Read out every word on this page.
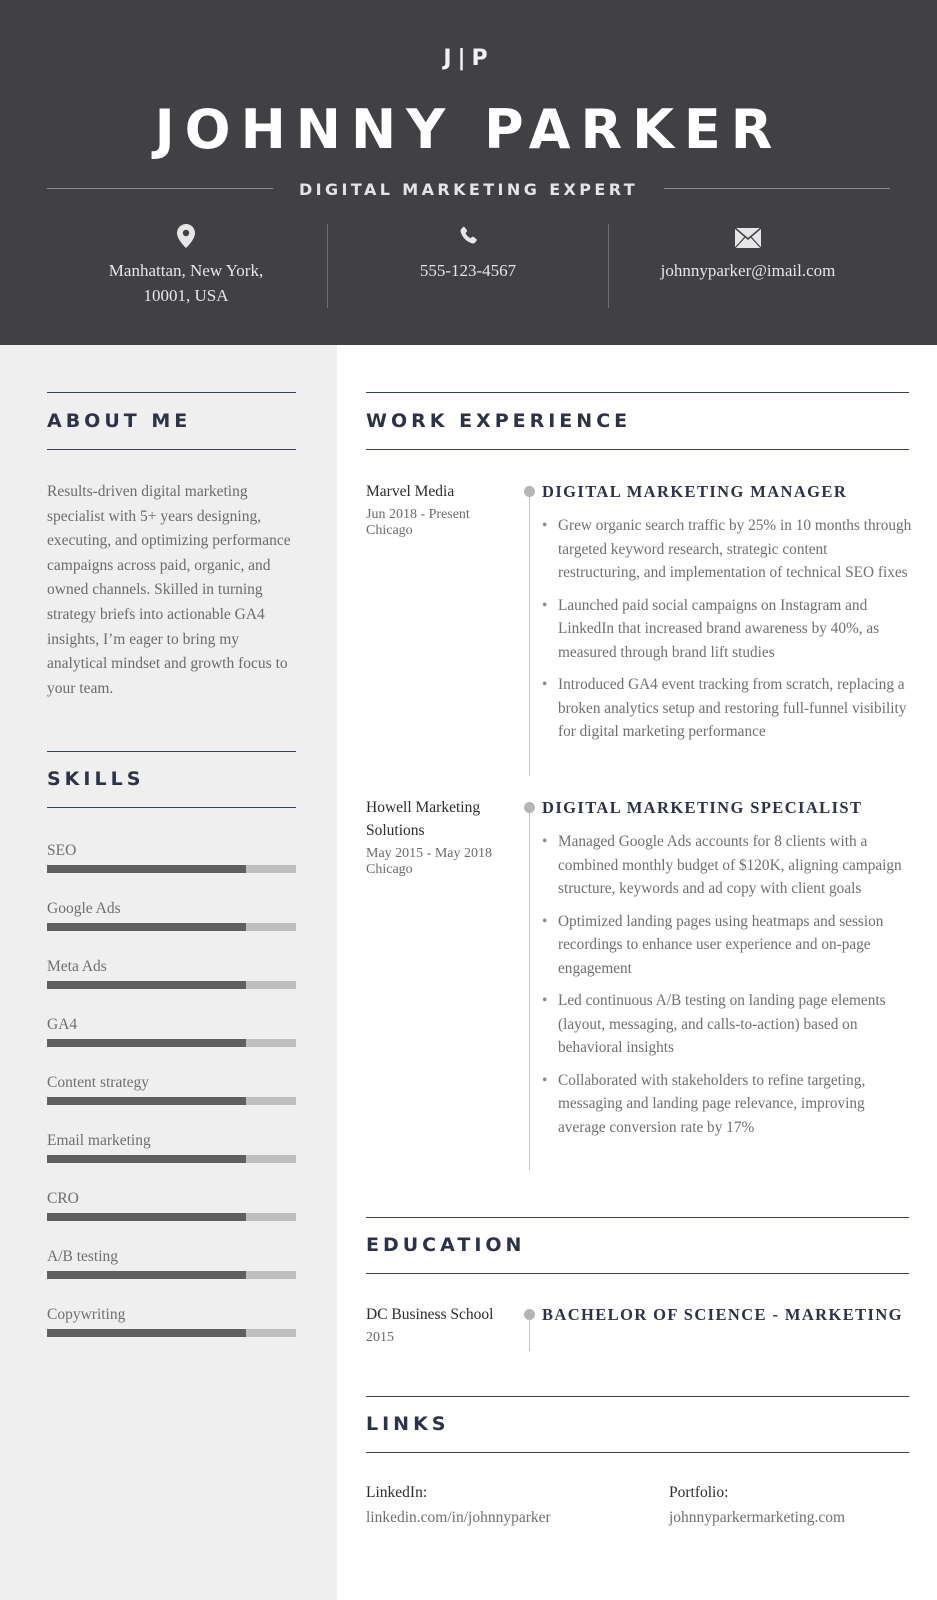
J|P
JOHNNY PARKER
DIGITAL MARKETING EXPERT
Manhattan, New York,
10001, USA
555-123-4567	johnnyparker@imail.com
ABOUT ME
Results-driven digital marketing specialist with 5+ years designing, executing, and optimizing performance campaigns across paid, organic, and owned channels. Skilled in turning strategy briefs into actionable GA4 insights, I’m eager to bring my analytical mindset and growth focus to your team.
SKILLS
SEO
Google Ads
Meta Ads
GA4
Content strategy
Email marketing
CRO
A/B testing
Copywriting
WORK EXPERIENCE
Marvel Media
Jun 2018 - Present
Chicago
DIGITAL MARKETING MANAGER
• Grew organic search traffic by 25% in 10 months through targeted keyword research, strategic content restructuring, and implementation of technical SEO fixes
• Launched paid social campaigns on Instagram and LinkedIn that increased brand awareness by 40%, as measured through brand lift studies
• Introduced GA4 event tracking from scratch, replacing a broken analytics setup and restoring full-funnel visibility for digital marketing performance
Howell Marketing Solutions
May 2015 - May 2018
Chicago
DIGITAL MARKETING SPECIALIST
• Managed Google Ads accounts for 8 clients with a combined monthly budget of $120K, aligning campaign structure, keywords and ad copy with client goals
• Optimized landing pages using heatmaps and session recordings to enhance user experience and on-page engagement
• Led continuous A/B testing on landing page elements (layout, messaging, and calls-to-action) based on behavioral insights
• Collaborated with stakeholders to refine targeting, messaging and landing page relevance, improving average conversion rate by 17%
EDUCATION
DC Business School
2015
BACHELOR OF SCIENCE - MARKETING
LINKS
LinkedIn:
linkedin.com/in/johnnyparker
Portfolio:
johnnyparkermarketing.com
